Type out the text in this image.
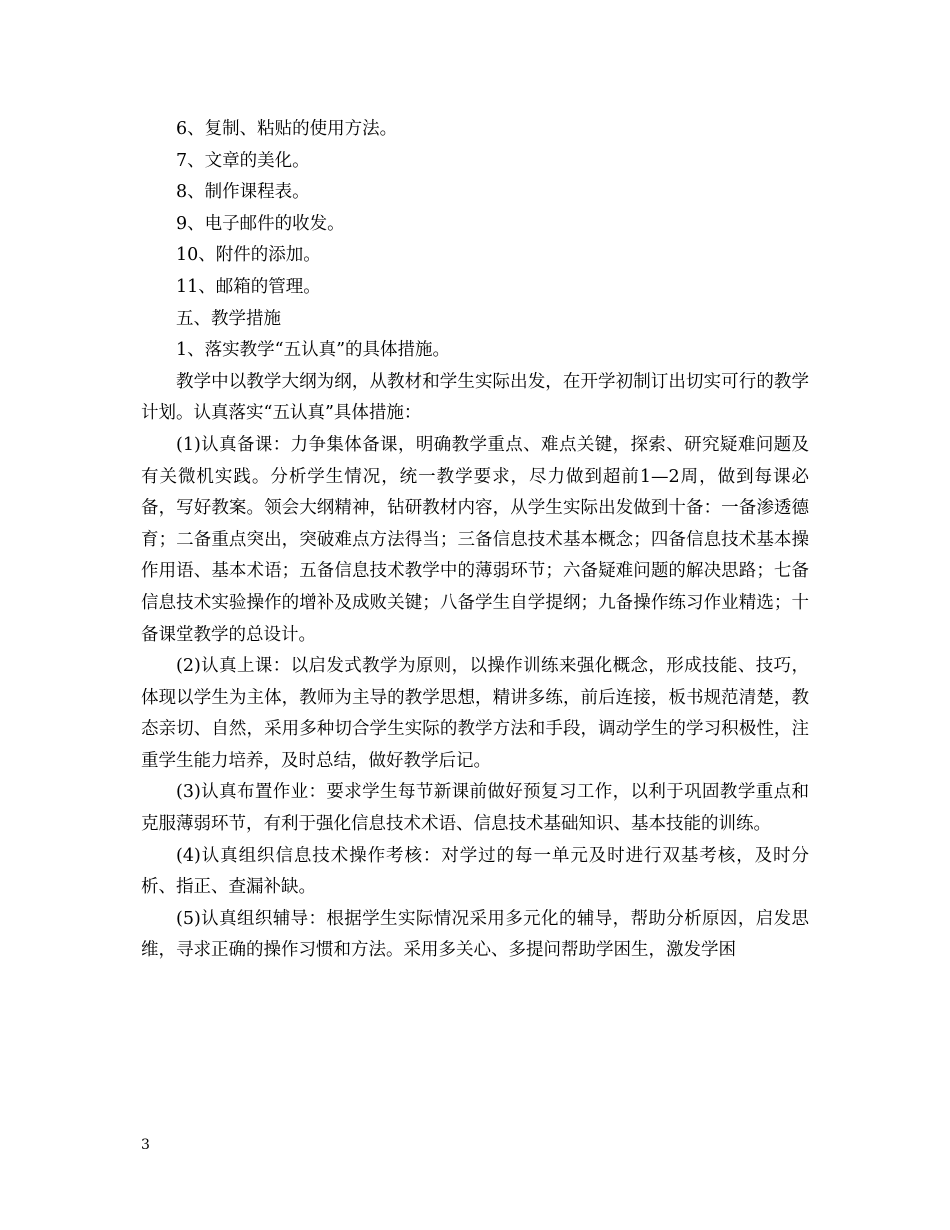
6、复制、粘贴的使用方法。

7、文章的美化。

8、制作课程表。

9、电子邮件的收发。

10、附件的添加。

11、邮箱的管理。

五、教学措施

1、落实教学“五认真”的具体措施。

教学中以教学大纲为纲，从教材和学生实际出发，在开学初制订出切实可行的教学计划。认真落实“五认真”具体措施：

(1)认真备课：力争集体备课，明确教学重点、难点关键，探索、研究疑难问题及有关微机实践。分析学生情况，统一教学要求，尽力做到超前1—2周，做到每课必备，写好教案。领会大纲精神，钻研教材内容，从学生实际出发做到十备：一备渗透德育；二备重点突出，突破难点方法得当；三备信息技术基本概念；四备信息技术基本操作用语、基本术语；五备信息技术教学中的薄弱环节；六备疑难问题的解决思路；七备信息技术实验操作的增补及成败关键；八备学生自学提纲；九备操作练习作业精选；十备课堂教学的总设计。

(2)认真上课：以启发式教学为原则，以操作训练来强化概念，形成技能、技巧，体现以学生为主体，教师为主导的教学思想，精讲多练，前后连接，板书规范清楚，教态亲切、自然，采用多种切合学生实际的教学方法和手段，调动学生的学习积极性，注重学生能力培养，及时总结，做好教学后记。

(3)认真布置作业：要求学生每节新课前做好预复习工作，以利于巩固教学重点和克服薄弱环节，有利于强化信息技术术语、信息技术基础知识、基本技能的训练。

(4)认真组织信息技术操作考核：对学过的每一单元及时进行双基考核，及时分析、指正、查漏补缺。

(5)认真组织辅导：根据学生实际情况采用多元化的辅导，帮助分析原因，启发思维，寻求正确的操作习惯和方法。采用多关心、多提问帮助学困生，激发学困

3
